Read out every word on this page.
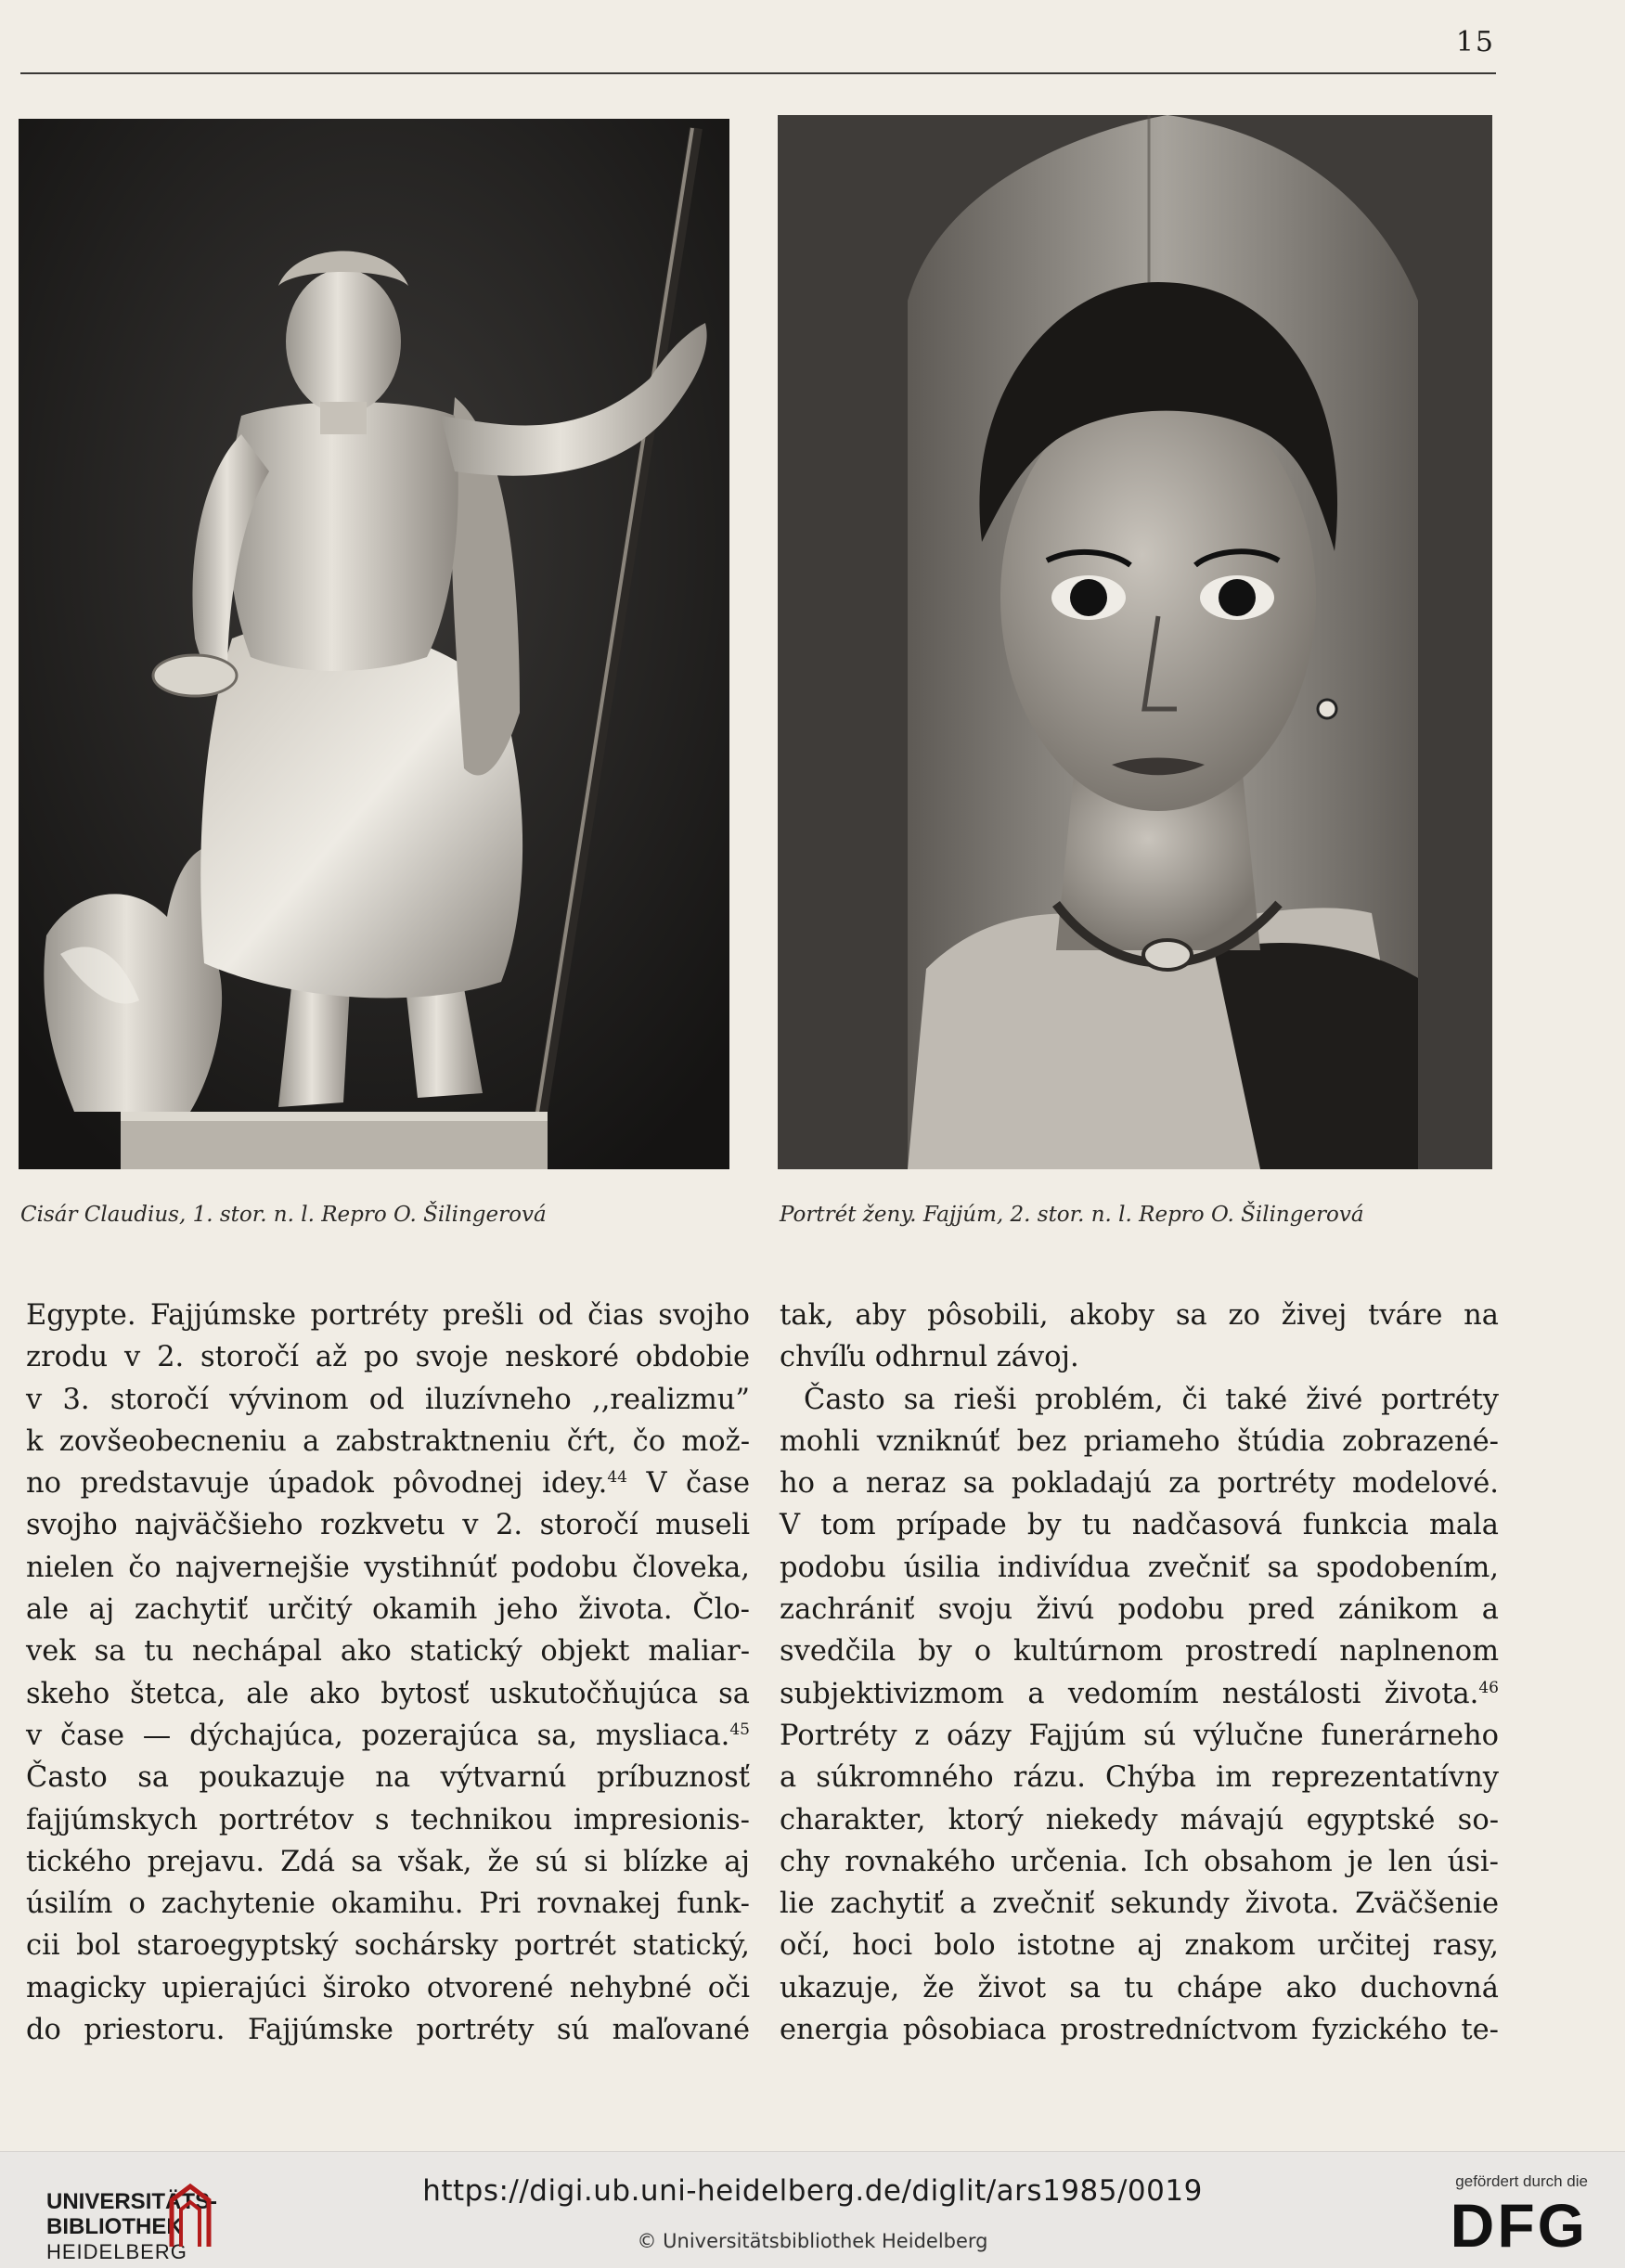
15
Cisár Claudius, 1. stor. n. l. Repro O. Šilingerová	Portrét ženy. Fajjúm, 2. stor. n. l. Repro O. Šilingerová
Egypte. Fajjúmske portréty prešli od čias svojho
zrodu v 2. storočí až po svoje neskoré obdobie
v 3. storočí vývinom od iluzívneho ,,realizmu”
k zovšeobecneniu a zabstraktneniu čŕt, čo mož-
no predstavuje úpadok pôvodnej idey.$^{44}$ V čase
svojho najväčšieho rozkvetu v 2. storočí museli
nielen čo najvernejšie vystihnúť podobu človeka,
ale aj zachytiť určitý okamih jeho života. Člo-
vek sa tu nechápal ako statický objekt maliar-
skeho štetca, ale ako bytosť uskutočňujúca sa
v čase — dýchajúca, pozerajúca sa, mysliaca.$^{45}$
Často sa poukazuje na výtvarnú príbuznosť
fajjúmskych portrétov s technikou impresionis-
tického prejavu. Zdá sa však, že sú si blízke aj
úsilím o zachytenie okamihu. Pri rovnakej funk-
cii bol staroegyptský sochársky portrét statický,
magicky upierajúci široko otvorené nehybné oči
do priestoru. Fajjúmske portréty sú maľované
tak, aby pôsobili, akoby sa zo živej tváre na
chvíľu odhrnul závoj.
Často sa rieši problém, či také živé portréty
mohli vzniknúť bez priameho štúdia zobrazené-
ho a neraz sa pokladajú za portréty modelové.
V tom prípade by tu nadčasová funkcia mala
podobu úsilia indivídua zvečniť sa spodobením,
zachrániť svoju živú podobu pred zánikom a
svedčila by o kultúrnom prostredí naplnenom
subjektivizmom a vedomím nestálosti života.$^{46}$
Portréty z oázy Fajjúm sú výlučne funerárneho
a súkromného rázu. Chýba im reprezentatívny
charakter, ktorý niekedy mávajú egyptské so-
chy rovnakého určenia. Ich obsahom je len úsi-
lie zachytiť a zvečniť sekundy života. Zväčšenie
očí, hoci bolo istotne aj znakom určitej rasy,
ukazuje, že život sa tu chápe ako duchovná
energia pôsobiaca prostredníctvom fyzického te-
UNIVERSITÄTS-
BIBLIOTHEK
HEIDELBERG
https://digi.ub.uni-heidelberg.de/diglit/ars1985/0019
© Universitätsbibliothek Heidelberg
gefördert durch die
DFG
